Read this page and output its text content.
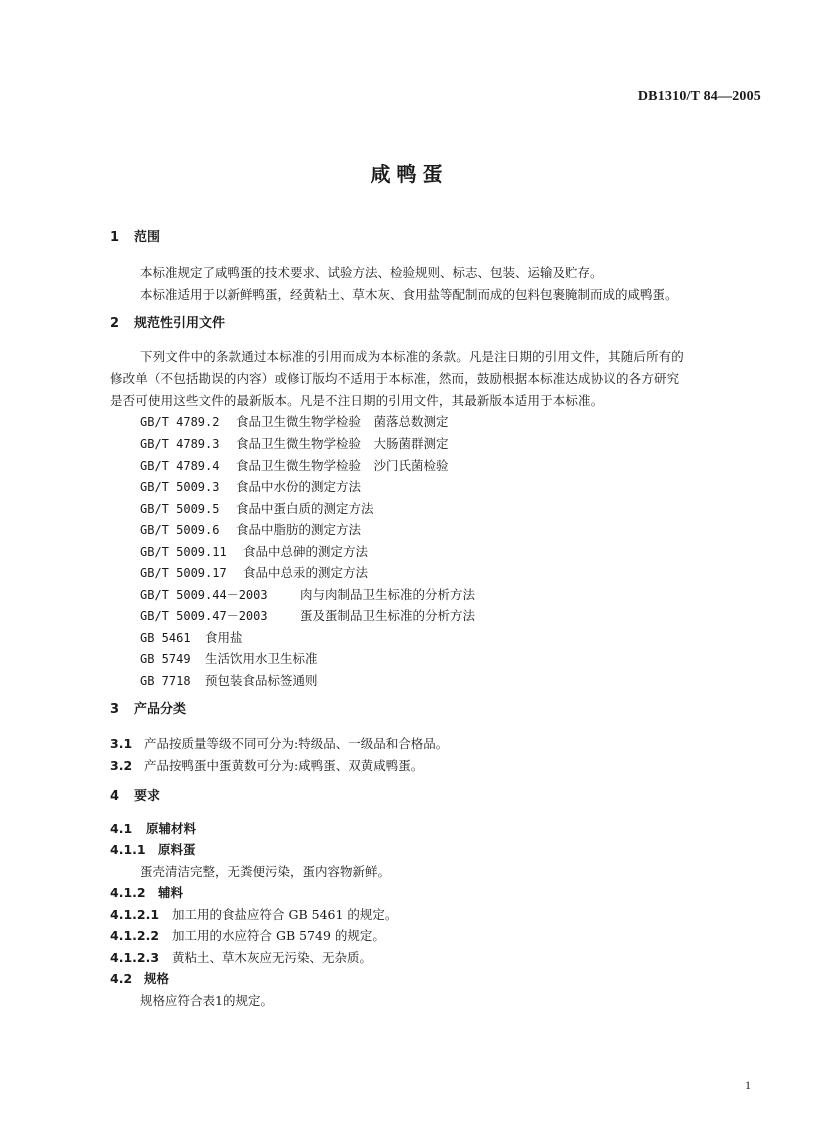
DB1310/T 84—2005
咸鸭蛋
1 范围
本标准规定了咸鸭蛋的技术要求、试验方法、检验规则、标志、包装、运输及贮存。
本标准适用于以新鲜鸭蛋，经黄粘土、草木灰、食用盐等配制而成的包料包裹腌制而成的咸鸭蛋。
2 规范性引用文件
下列文件中的条款通过本标准的引用而成为本标准的条款。凡是注日期的引用文件，其随后所有的
修改单（不包括勘误的内容）或修订版均不适用于本标准，然而，鼓励根据本标准达成协议的各方研究
是否可使用这些文件的最新版本。凡是不注日期的引用文件，其最新版本适用于本标准。
GB/T 4789.2 食品卫生微生物学检验　菌落总数测定
GB/T 4789.3 食品卫生微生物学检验　大肠菌群测定
GB/T 4789.4 食品卫生微生物学检验　沙门氏菌检验
GB/T 5009.3 食品中水份的测定方法
GB/T 5009.5 食品中蛋白质的测定方法
GB/T 5009.6 食品中脂肪的测定方法
GB/T 5009.11 食品中总砷的测定方法
GB/T 5009.17 食品中总汞的测定方法
GB/T 5009.44－2003	肉与肉制品卫生标准的分析方法
GB/T 5009.47－2003	蛋及蛋制品卫生标准的分析方法
GB 5461 食用盐
GB 5749 生活饮用水卫生标准
GB 7718 预包装食品标签通则
3 产品分类
3.1 产品按质量等级不同可分为:特级品、一级品和合格品。
3.2 产品按鸭蛋中蛋黄数可分为:咸鸭蛋、双黄咸鸭蛋。
4 要求
4.1 原辅材料
4.1.1 原料蛋
蛋壳清洁完整，无粪便污染，蛋内容物新鲜。
4.1.2 辅料
4.1.2.1 加工用的食盐应符合 GB 5461 的规定。
4.1.2.2 加工用的水应符合 GB 5749 的规定。
4.1.2.3 黄粘土、草木灰应无污染、无杂质。
4.2 规格
规格应符合表1的规定。
1
